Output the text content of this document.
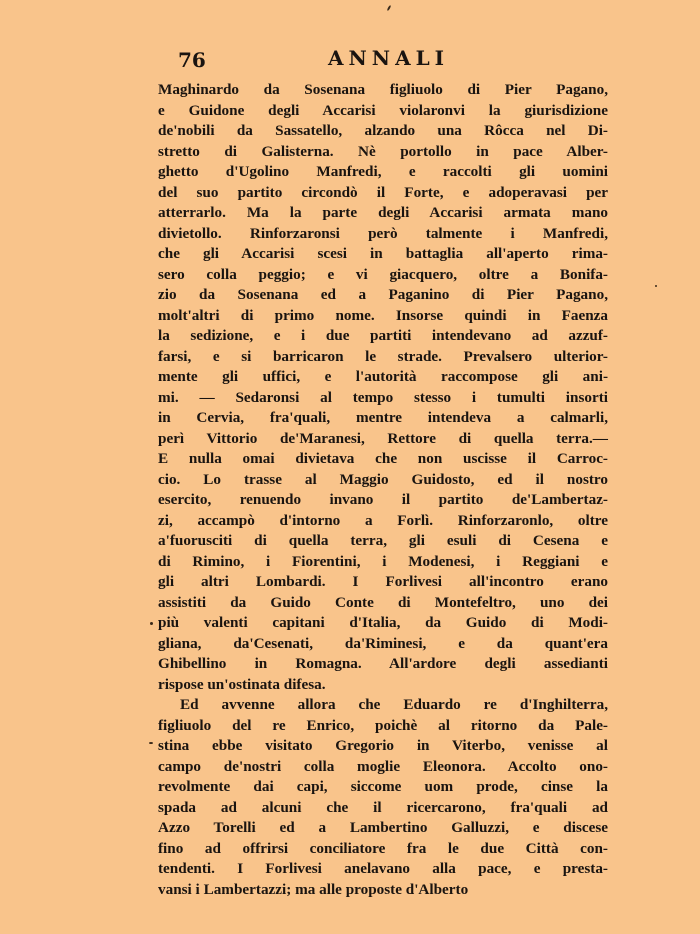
76	ANNALI
Maghinardo da Sosenana figliuolo di Pier Pagano,
e Guidone degli Accarisi violaronvi la giurisdizione
de'nobili da Sassatello, alzando una Rôcca nel Di-
stretto di Galisterna. Nè portollo in pace Alber-
ghetto d'Ugolino Manfredi, e raccolti gli uomini
del suo partito circondò il Forte, e adoperavasi per
atterrarlo. Ma la parte degli Accarisi armata mano
divietollo. Rinforzaronsi però talmente i Manfredi,
che gli Accarisi scesi in battaglia all'aperto rima-
sero colla peggio; e vi giacquero, oltre a Bonifa-
zio da Sosenana ed a Paganino di Pier Pagano,
molt'altri di primo nome. Insorse quindi in Faenza
la sedizione, e i due partiti intendevano ad azzuf-
farsi, e si barricaron le strade. Prevalsero ulterior-
mente gli uffici, e l'autorità raccompose gli ani-
mi. — Sedaronsi al tempo stesso i tumulti insorti
in Cervia, fra'quali, mentre intendeva a calmarli,
perì Vittorio de'Maranesi, Rettore di quella terra.—
E nulla omai divietava che non uscisse il Carroc-
cio. Lo trasse al Maggio Guidosto, ed il nostro
esercito, renuendo invano il partito de'Lambertaz-
zi, accampò d'intorno a Forlì. Rinforzaronlo, oltre
a'fuorusciti di quella terra, gli esuli di Cesena e
di Rimino, i Fiorentini, i Modenesi, i Reggiani e
gli altri Lombardi. I Forlivesi all'incontro erano
assistiti da Guido Conte di Montefeltro, uno dei
più valenti capitani d'Italia, da Guido di Modi-
gliana, da'Cesenati, da'Riminesi, e da quant'era
Ghibellino in Romagna. All'ardore degli assedianti
rispose un'ostinata difesa.
Ed avvenne allora che Eduardo re d'Inghilterra,
figliuolo del re Enrico, poichè al ritorno da Pale-
stina ebbe visitato Gregorio in Viterbo, venisse al
campo de'nostri colla moglie Eleonora. Accolto ono-
revolmente dai capi, siccome uom prode, cinse la
spada ad alcuni che il ricercarono, fra'quali ad
Azzo Torelli ed a Lambertino Galluzzi, e discese
fino ad offrirsi conciliatore fra le due Città con-
tendenti. I Forlivesi anelavano alla pace, e presta-
vansi i Lambertazzi; ma alle proposte d'Alberto
